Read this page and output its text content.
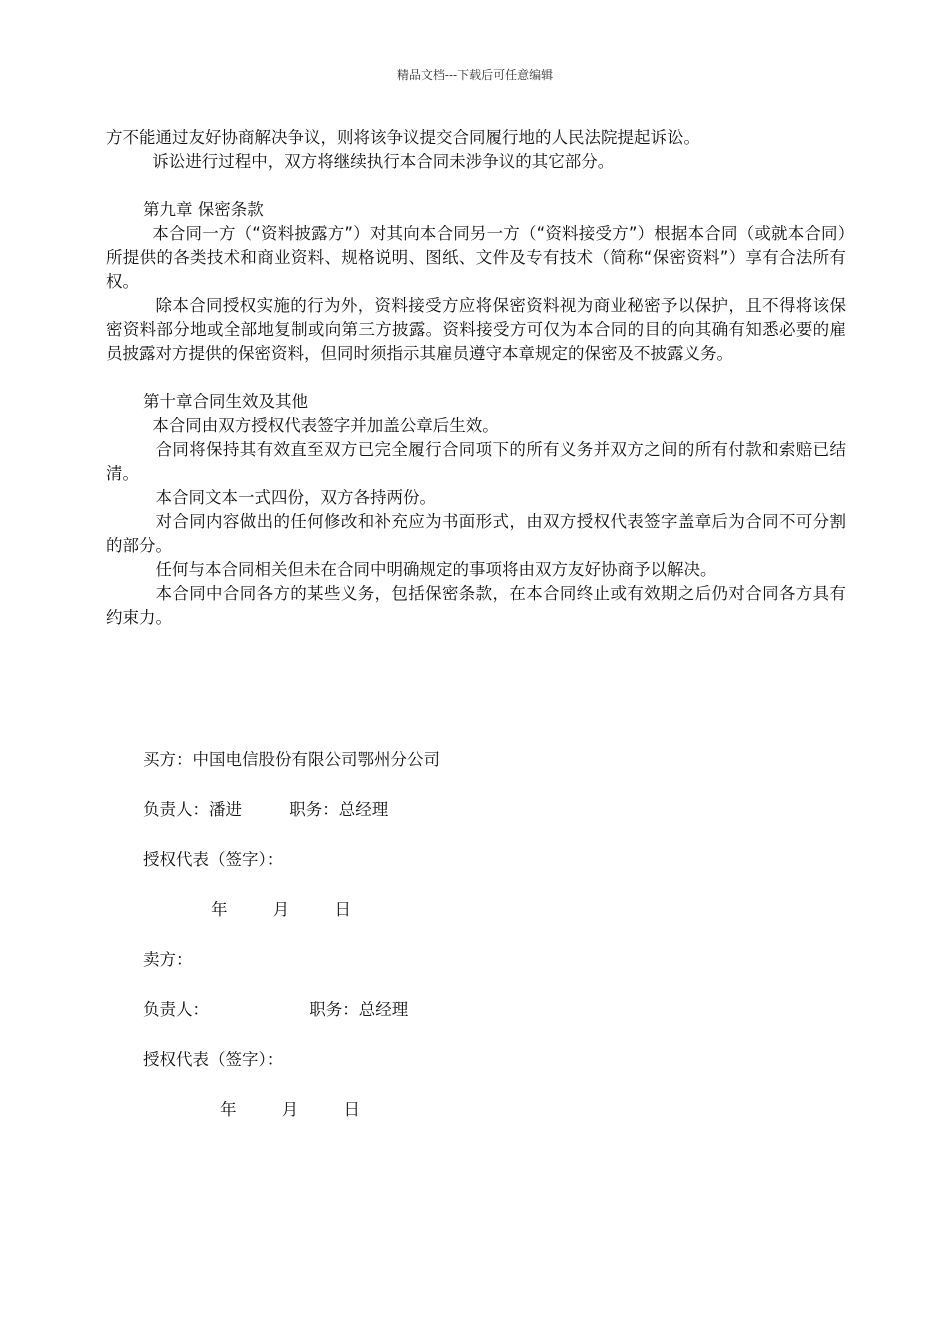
精品文档---下载后可任意编辑

方不能通过友好协商解决争议，则将该争议提交合同履行地的人民法院提起诉讼。

诉讼进行过程中，双方将继续执行本合同未涉争议的其它部分。

第九章 保密条款

本合同一方（“资料披露方”）对其向本合同另一方（“资料接受方”）根据本合同（或就本合同）所提供的各类技术和商业资料、规格说明、图纸、文件及专有技术（简称“保密资料”）享有合法所有权。

除本合同授权实施的行为外，资料接受方应将保密资料视为商业秘密予以保护，且不得将该保密资料部分地或全部地复制或向第三方披露。资料接受方可仅为本合同的目的向其确有知悉必要的雇员披露对方提供的保密资料，但同时须指示其雇员遵守本章规定的保密及不披露义务。

第十章合同生效及其他

本合同由双方授权代表签字并加盖公章后生效。

合同将保持其有效直至双方已完全履行合同项下的所有义务并双方之间的所有付款和索赔已结清。

本合同文本一式四份，双方各持两份。

对合同内容做出的任何修改和补充应为书面形式，由双方授权代表签字盖章后为合同不可分割的部分。

任何与本合同相关但未在合同中明确规定的事项将由双方友好协商予以解决。

本合同中合同各方的某些义务，包括保密条款，在本合同终止或有效期之后仍对合同各方具有约束力。

买方：中国电信股份有限公司鄂州分公司
负责人：潘进	职务：总经理
授权代表（签字）：
年	月	日
卖方：
负责人：	职务：总经理
授权代表（签字）：
年	月	日
